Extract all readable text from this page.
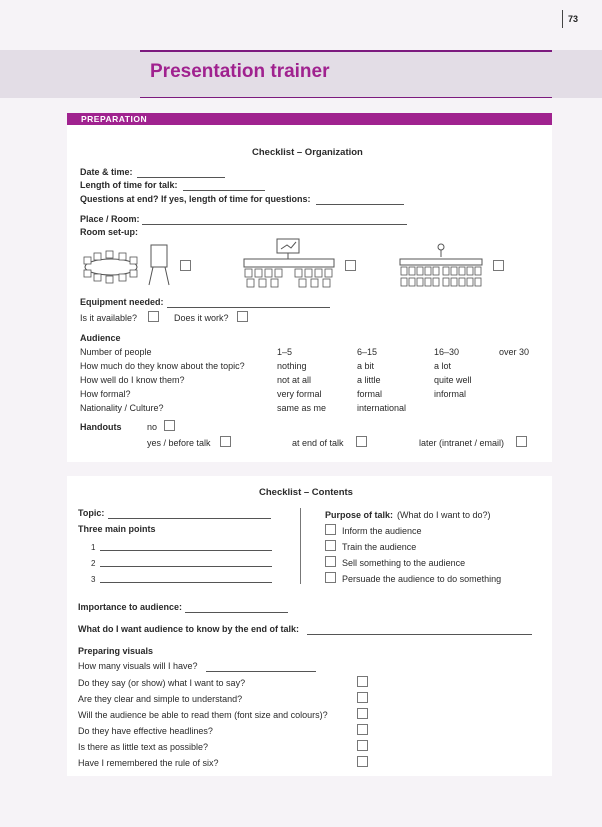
73
Presentation trainer
PREPARATION
Checklist – Organization
Date & time:
Length of time for talk:
Questions at end? If yes, length of time for questions:
Place / Room:
Room set-up:
Equipment needed:
Is it available?	Does it work?
Audience
Number of people	1–5	6–15	16–30	over 30
How much do they know about the topic?	nothing	a bit	a lot
How well do I know them?	not at all	a little	quite well
How formal?	very formal	formal	informal
Nationality / Culture?	same as me	international
Handouts	no
yes / before talk	at end of talk	later (intranet / email)
Checklist – Contents
Topic:
Three main points
1
2
3
Purpose of talk: (What do I want to do?)
Inform the audience
Train the audience
Sell something to the audience
Persuade the audience to do something
Importance to audience:
What do I want audience to know by the end of talk:
Preparing visuals
How many visuals will I have?
Do they say (or show) what I want to say?
Are they clear and simple to understand?
Will the audience be able to read them (font size and colours)?
Do they have effective headlines?
Is there as little text as possible?
Have I remembered the rule of six?
